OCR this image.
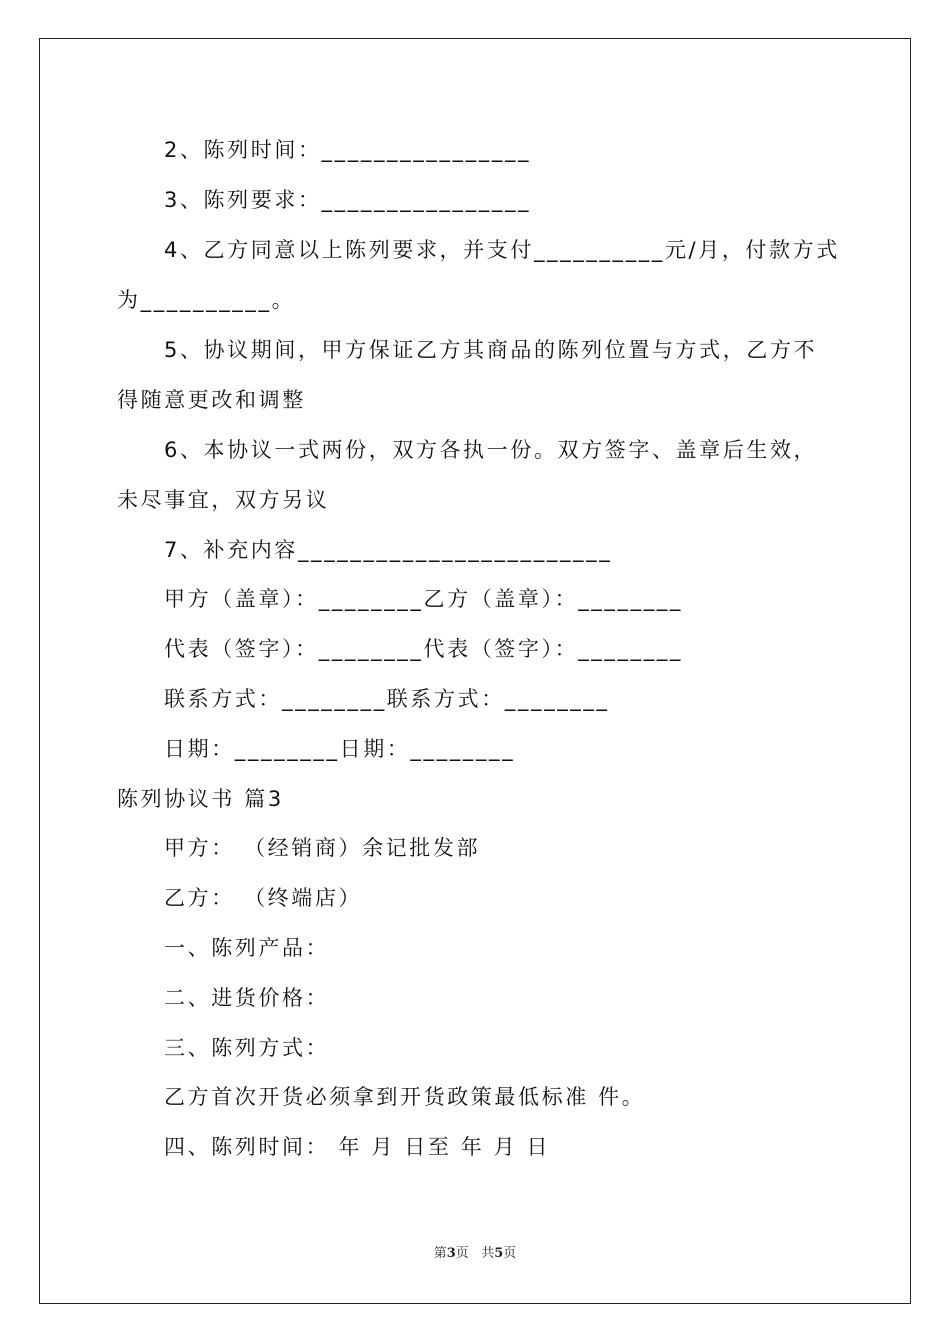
2、陈列时间：________________
3、陈列要求：________________
4、乙方同意以上陈列要求，并支付__________元/月，付款方式
为__________。
5、协议期间，甲方保证乙方其商品的陈列位置与方式，乙方不
得随意更改和调整
6、本协议一式两份，双方各执一份。双方签字、盖章后生效，
未尽事宜，双方另议
7、补充内容________________________
甲方（盖章）：________乙方（盖章）：________
代表（签字）：________代表（签字）：________
联系方式：________联系方式：________
日期：________日期：________
陈列协议书 篇3
甲方： （经销商）余记批发部
乙方： （终端店）
一、陈列产品：
二、进货价格：
三、陈列方式：
乙方首次开货必须拿到开货政策最低标准 件。
四、陈列时间： 年 月 日至 年 月 日
第3页   共5页
